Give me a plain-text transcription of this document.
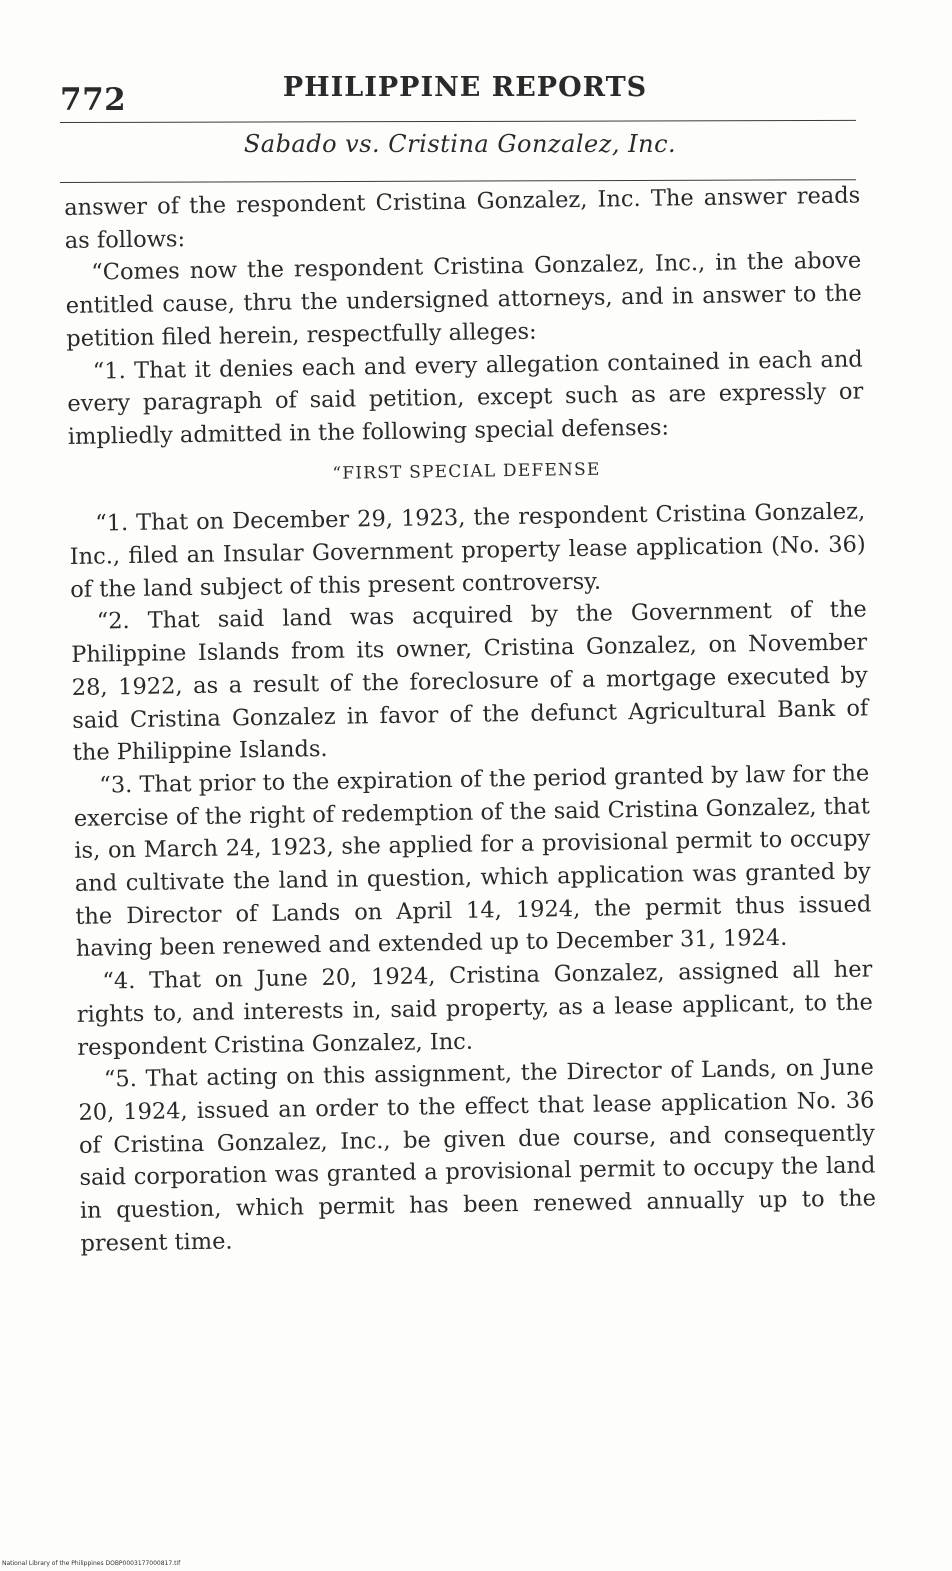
772	PHILIPPINE REPORTS
Sabado vs. Cristina Gonzalez, Inc.

answer of the respondent Cristina Gonzalez, Inc. The answer reads as follows:

“Comes now the respondent Cristina Gonzalez, Inc., in the above entitled cause, thru the undersigned attorneys, and in answer to the petition filed herein, respectfully alleges:

“1. That it denies each and every allegation contained in each and every paragraph of said petition, except such as are expressly or impliedly admitted in the following special defenses:

“FIRST SPECIAL DEFENSE

“1. That on December 29, 1923, the respondent Cristina Gonzalez, Inc., filed an Insular Government property lease application (No. 36) of the land subject of this present controversy.

“2. That said land was acquired by the Government of the Philippine Islands from its owner, Cristina Gonzalez, on November 28, 1922, as a result of the foreclosure of a mortgage executed by said Cristina Gonzalez in favor of the defunct Agricultural Bank of the Philippine Islands.

“3. That prior to the expiration of the period granted by law for the exercise of the right of redemption of the said Cristina Gonzalez, that is, on March 24, 1923, she applied for a provisional permit to occupy and cultivate the land in question, which application was granted by the Director of Lands on April 14, 1924, the permit thus issued having been renewed and extended up to December 31, 1924.

“4. That on June 20, 1924, Cristina Gonzalez, assigned all her rights to, and interests in, said property, as a lease applicant, to the respondent Cristina Gonzalez, Inc.

“5. That acting on this assignment, the Director of Lands, on June 20, 1924, issued an order to the effect that lease application No. 36 of Cristina Gonzalez, Inc., be given due course, and consequently said corporation was granted a provisional permit to occupy the land in question, which permit has been renewed annually up to the present time.

National Library of the Philippines DOBP0003177000817.tif
